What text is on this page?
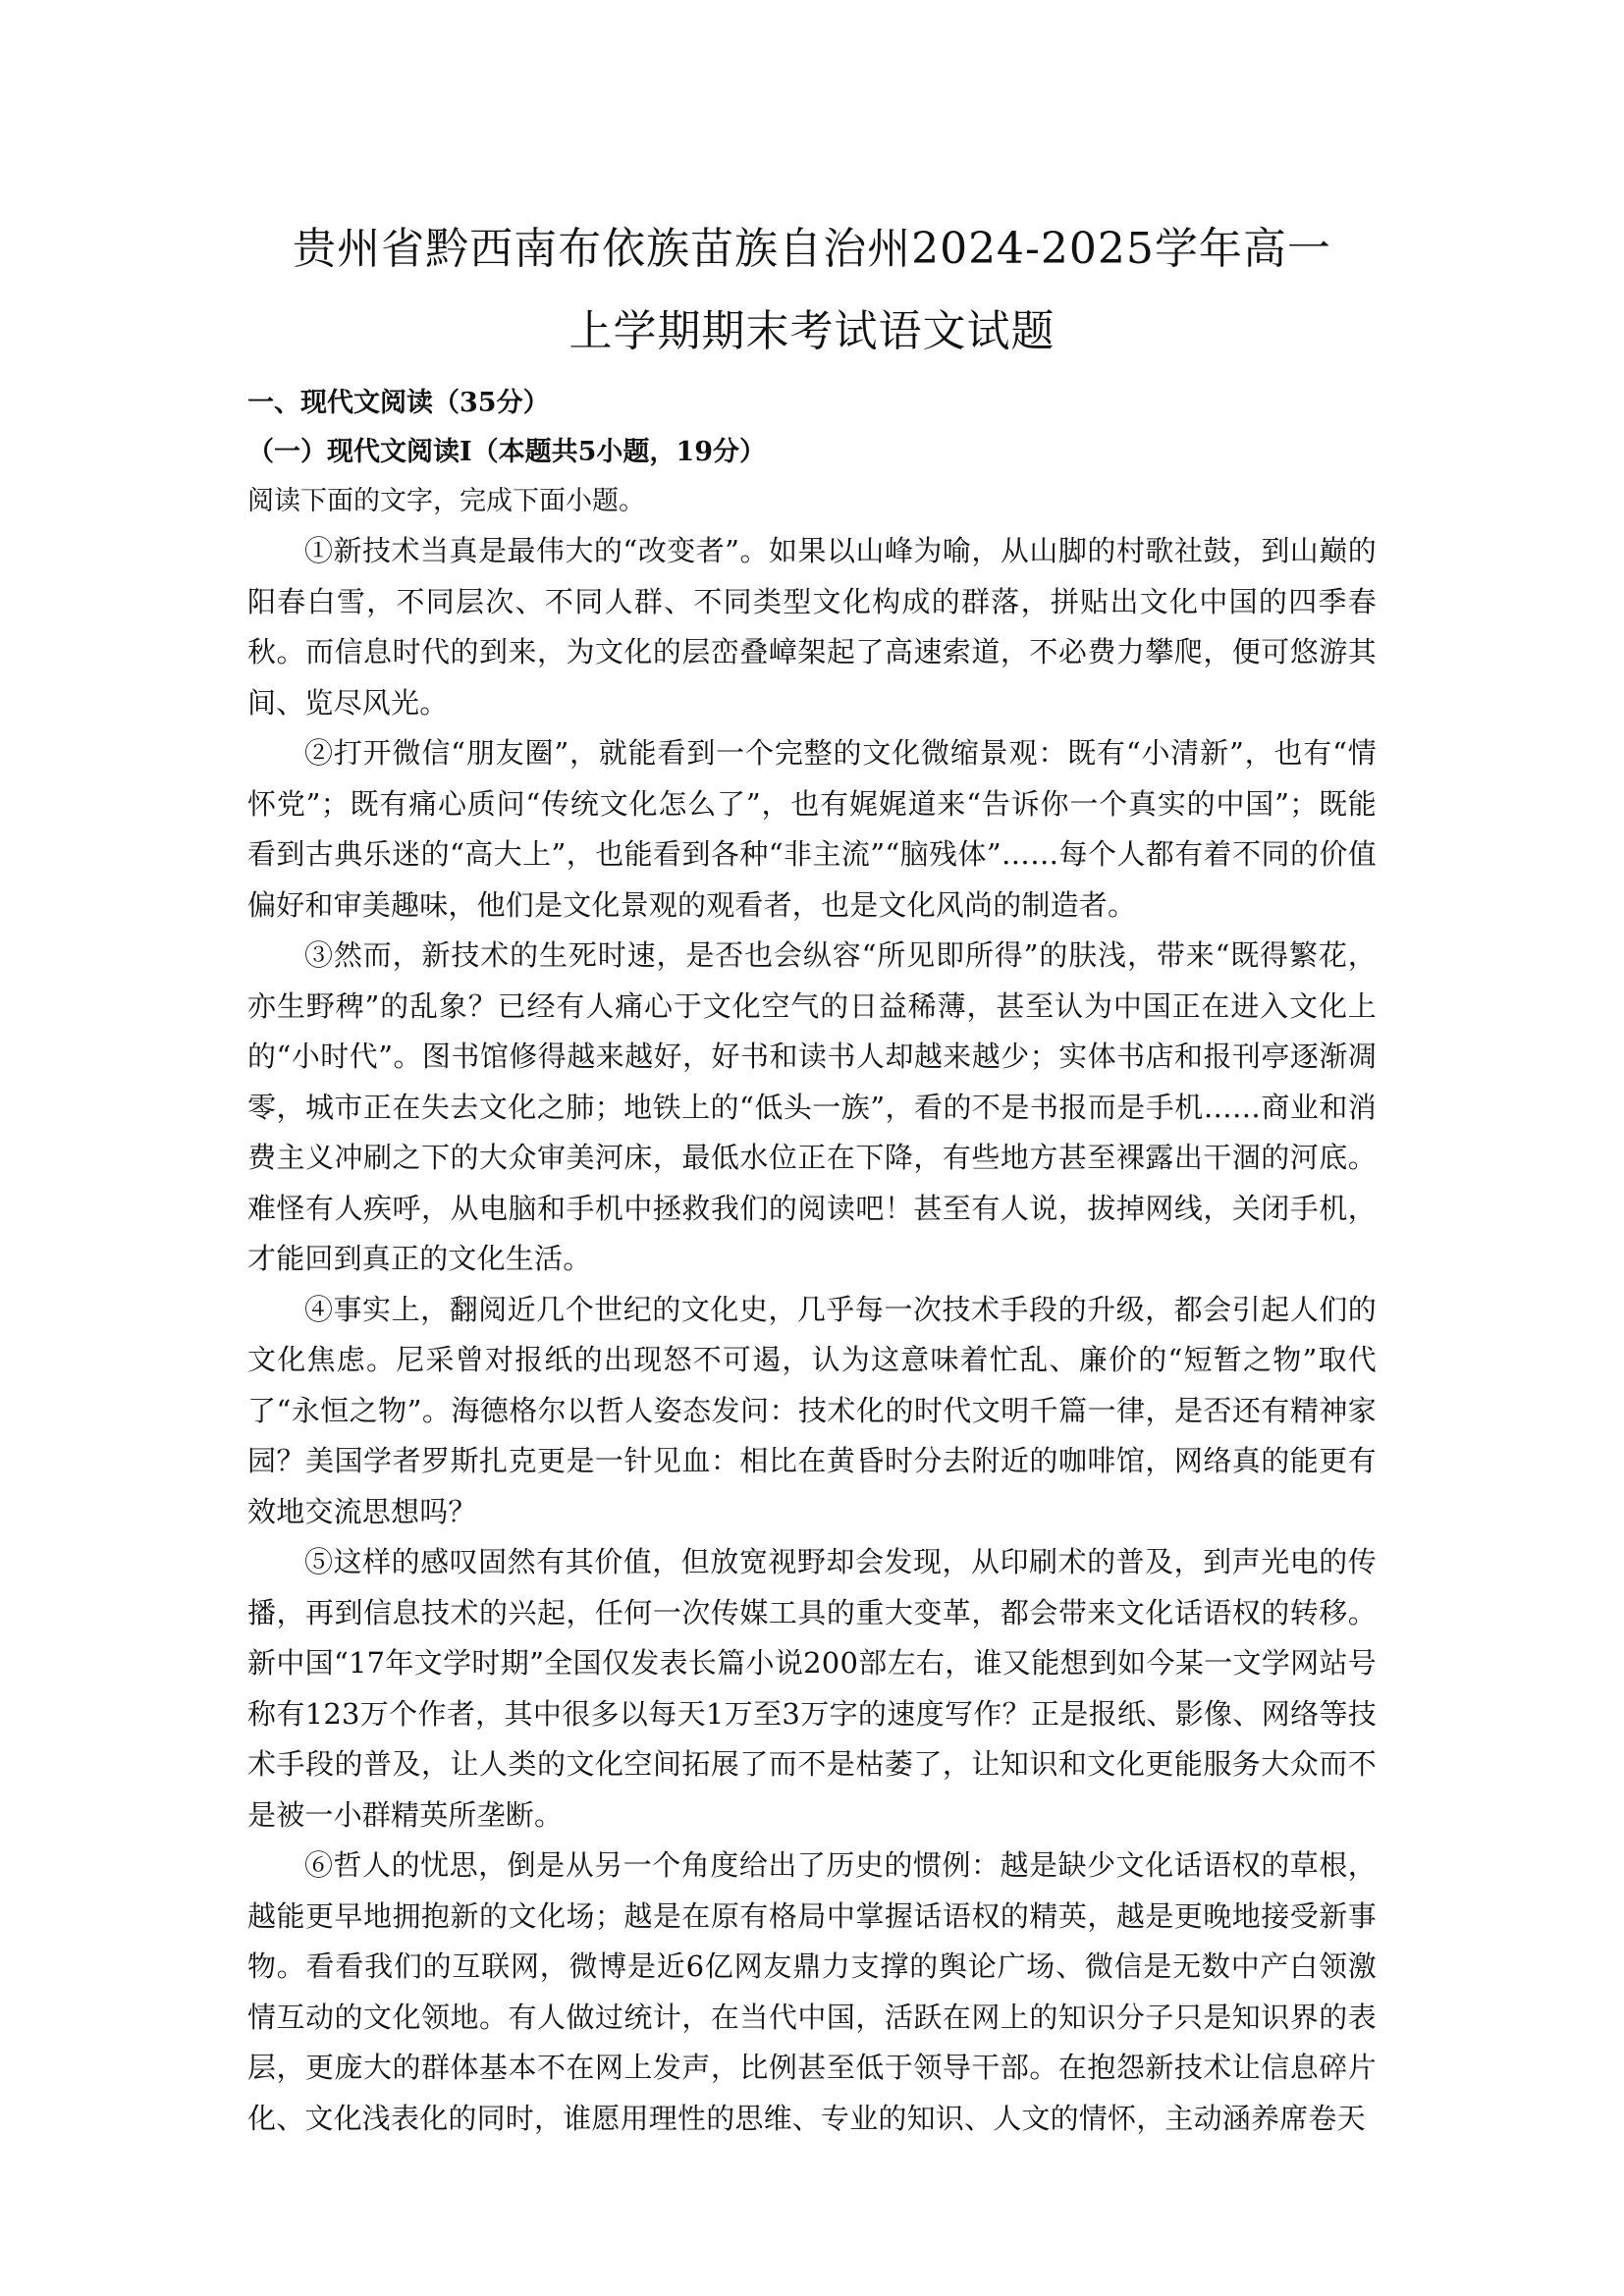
贵州省黔西南布依族苗族自治州2024-2025学年高一
上学期期末考试语文试题

一、现代文阅读（35分）

（一）现代文阅读Ⅰ（本题共5小题，19分）

阅读下面的文字，完成下面小题。

①新技术当真是最伟大的“改变者”。如果以山峰为喻，从山脚的村歌社鼓，到山巅的阳春白雪，不同层次、不同人群、不同类型文化构成的群落，拼贴出文化中国的四季春秋。而信息时代的到来，为文化的层峦叠嶂架起了高速索道，不必费力攀爬，便可悠游其间、览尽风光。

②打开微信“朋友圈”，就能看到一个完整的文化微缩景观：既有“小清新”，也有“情怀党”；既有痛心质问“传统文化怎么了”，也有娓娓道来“告诉你一个真实的中国”；既能看到古典乐迷的“高大上”，也能看到各种“非主流”“脑残体”……每个人都有着不同的价值偏好和审美趣味，他们是文化景观的观看者，也是文化风尚的制造者。

③然而，新技术的生死时速，是否也会纵容“所见即所得”的肤浅，带来“既得繁花，亦生野稗”的乱象？已经有人痛心于文化空气的日益稀薄，甚至认为中国正在进入文化上的“小时代”。图书馆修得越来越好，好书和读书人却越来越少；实体书店和报刊亭逐渐凋零，城市正在失去文化之肺；地铁上的“低头一族”，看的不是书报而是手机……商业和消费主义冲刷之下的大众审美河床，最低水位正在下降，有些地方甚至裸露出干涸的河底。难怪有人疾呼，从电脑和手机中拯救我们的阅读吧！甚至有人说，拔掉网线，关闭手机，才能回到真正的文化生活。

④事实上，翻阅近几个世纪的文化史，几乎每一次技术手段的升级，都会引起人们的文化焦虑。尼采曾对报纸的出现怒不可遏，认为这意味着忙乱、廉价的“短暂之物”取代了“永恒之物”。海德格尔以哲人姿态发问：技术化的时代文明千篇一律，是否还有精神家园？美国学者罗斯扎克更是一针见血：相比在黄昏时分去附近的咖啡馆，网络真的能更有效地交流思想吗？

⑤这样的感叹固然有其价值，但放宽视野却会发现，从印刷术的普及，到声光电的传播，再到信息技术的兴起，任何一次传媒工具的重大变革，都会带来文化话语权的转移。新中国“17年文学时期”全国仅发表长篇小说200部左右，谁又能想到如今某一文学网站号称有123万个作者，其中很多以每天1万至3万字的速度写作？正是报纸、影像、网络等技术手段的普及，让人类的文化空间拓展了而不是枯萎了，让知识和文化更能服务大众而不是被一小群精英所垄断。

⑥哲人的忧思，倒是从另一个角度给出了历史的惯例：越是缺少文化话语权的草根，越能更早地拥抱新的文化场；越是在原有格局中掌握话语权的精英，越是更晚地接受新事物。看看我们的互联网，微博是近6亿网友鼎力支撑的舆论广场、微信是无数中产白领激情互动的文化领地。有人做过统计，在当代中国，活跃在网上的知识分子只是知识界的表层，更庞大的群体基本不在网上发声，比例甚至低于领导干部。在抱怨新技术让信息碎片化、文化浅表化的同时，谁愿用理性的思维、专业的知识、人文的情怀，主动涵养席卷天
